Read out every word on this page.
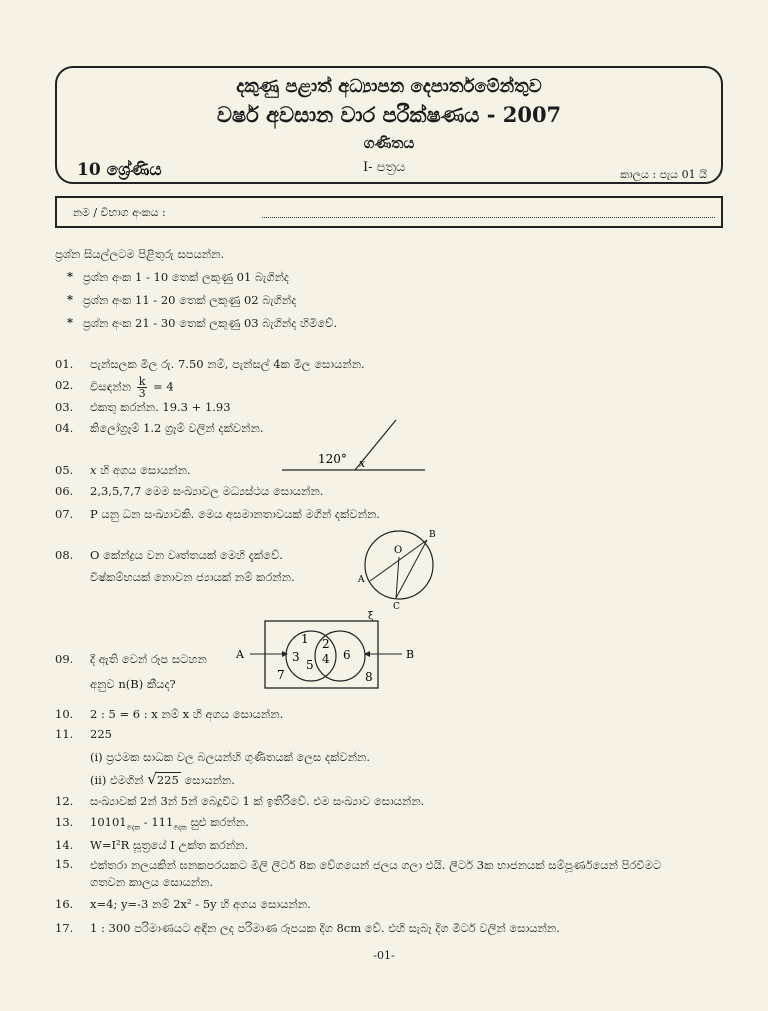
දකුණු පළාත් අධ්‍යාපන දෙපාර්තමේන්තුව
වර්ෂ අවසාන වාර පරීක්ෂණය - 2007
ගණිතය
10 ශ්‍රේණිය	I- පත්‍රය	කාලය : පැය 01 යි
නම / විභාග අංකය :
ප්‍රශ්න සියල්ලටම පිළිතුරු සපයන්න.
* ප්‍රශ්න අංක 1 - 10 තෙක් ලකුණු 01 බැගින්ද
* ප්‍රශ්න අංක 11 - 20 තෙක් ලකුණු 02 බැගින්ද
* ප්‍රශ්න අංක 21 - 30 තෙක් ලකුණු 03 බැගින්ද හිමිවේ.
01. පැන්සලක මිල රු. 7.50 නම්, පැන්සල් 4ක මිල සොයන්න.
02. විසඳන්න $\frac{k}{3} = 4$
03. එකතු කරන්න. 19.3 + 1.93
04. කිලෝග්‍රෑම් 1.2 ග්‍රෑම් වලින් දක්වන්න.
05. x හි අගය සොයන්න.
120° x
06. 2,3,5,7,7 මෙම සංඛ්‍යාවල මධ්‍යස්ථය සොයන්න.
07. P යනු ධන සංඛ්‍යාවකි. මෙය අසමානතාවයක් මගින් දක්වන්න.
08. O කේන්ද්‍රය වන වෘත්තයක් මෙහි දැක්වේ.
විෂ්කම්භයක් නොවන ජ්‍යායක් නම් කරන්න.
O
A
B
C
09. දී ඇති වෙන් රූප සටහන
අනුව n(B) කීයද?
ξ
A	B
1
3
5
2
4 6
7	8
10. 2 : 5 = 6 : x නම් x හි අගය සොයන්න.
11. 225
(i) ප්‍රථමක සාධක වල බලයන්හි ගුණිතයක් ලෙස දක්වන්න.
(ii) එමගින් √225 සොයන්න.
12. සංඛ්‍යාවක් 2න් 3න් 5න් බෙදූවිට 1 ක් ඉතිරිවේ. එම සංඛ්‍යාව සොයන්න.
13. $10101_{දෙක} - 111_{දෙක}$ සුළු කරන්න.
14. W=I²R සූත්‍රයේ I උක්ත කරන්න.
15. එක්තරා නලයකින් ඝනකපරයකට මිලි ලීටර් 8ක වේගයෙන් ජලය ගලා එයි. ලීටර් 3ක භාජනයක් සම්පූර්ණයෙන් පිරවීමට ගතවන කාලය සොයන්න.
16. x=4; y=-3 නම් 2x² - 5y හි අගය සොයන්න.
17. 1 : 300 පරිමාණයට අඳින ලද පරිමාණ රූපයක දිග 8cm වේ. එහි සැබෑ දිග මීටර් වලින් සොයන්න.
-01-
